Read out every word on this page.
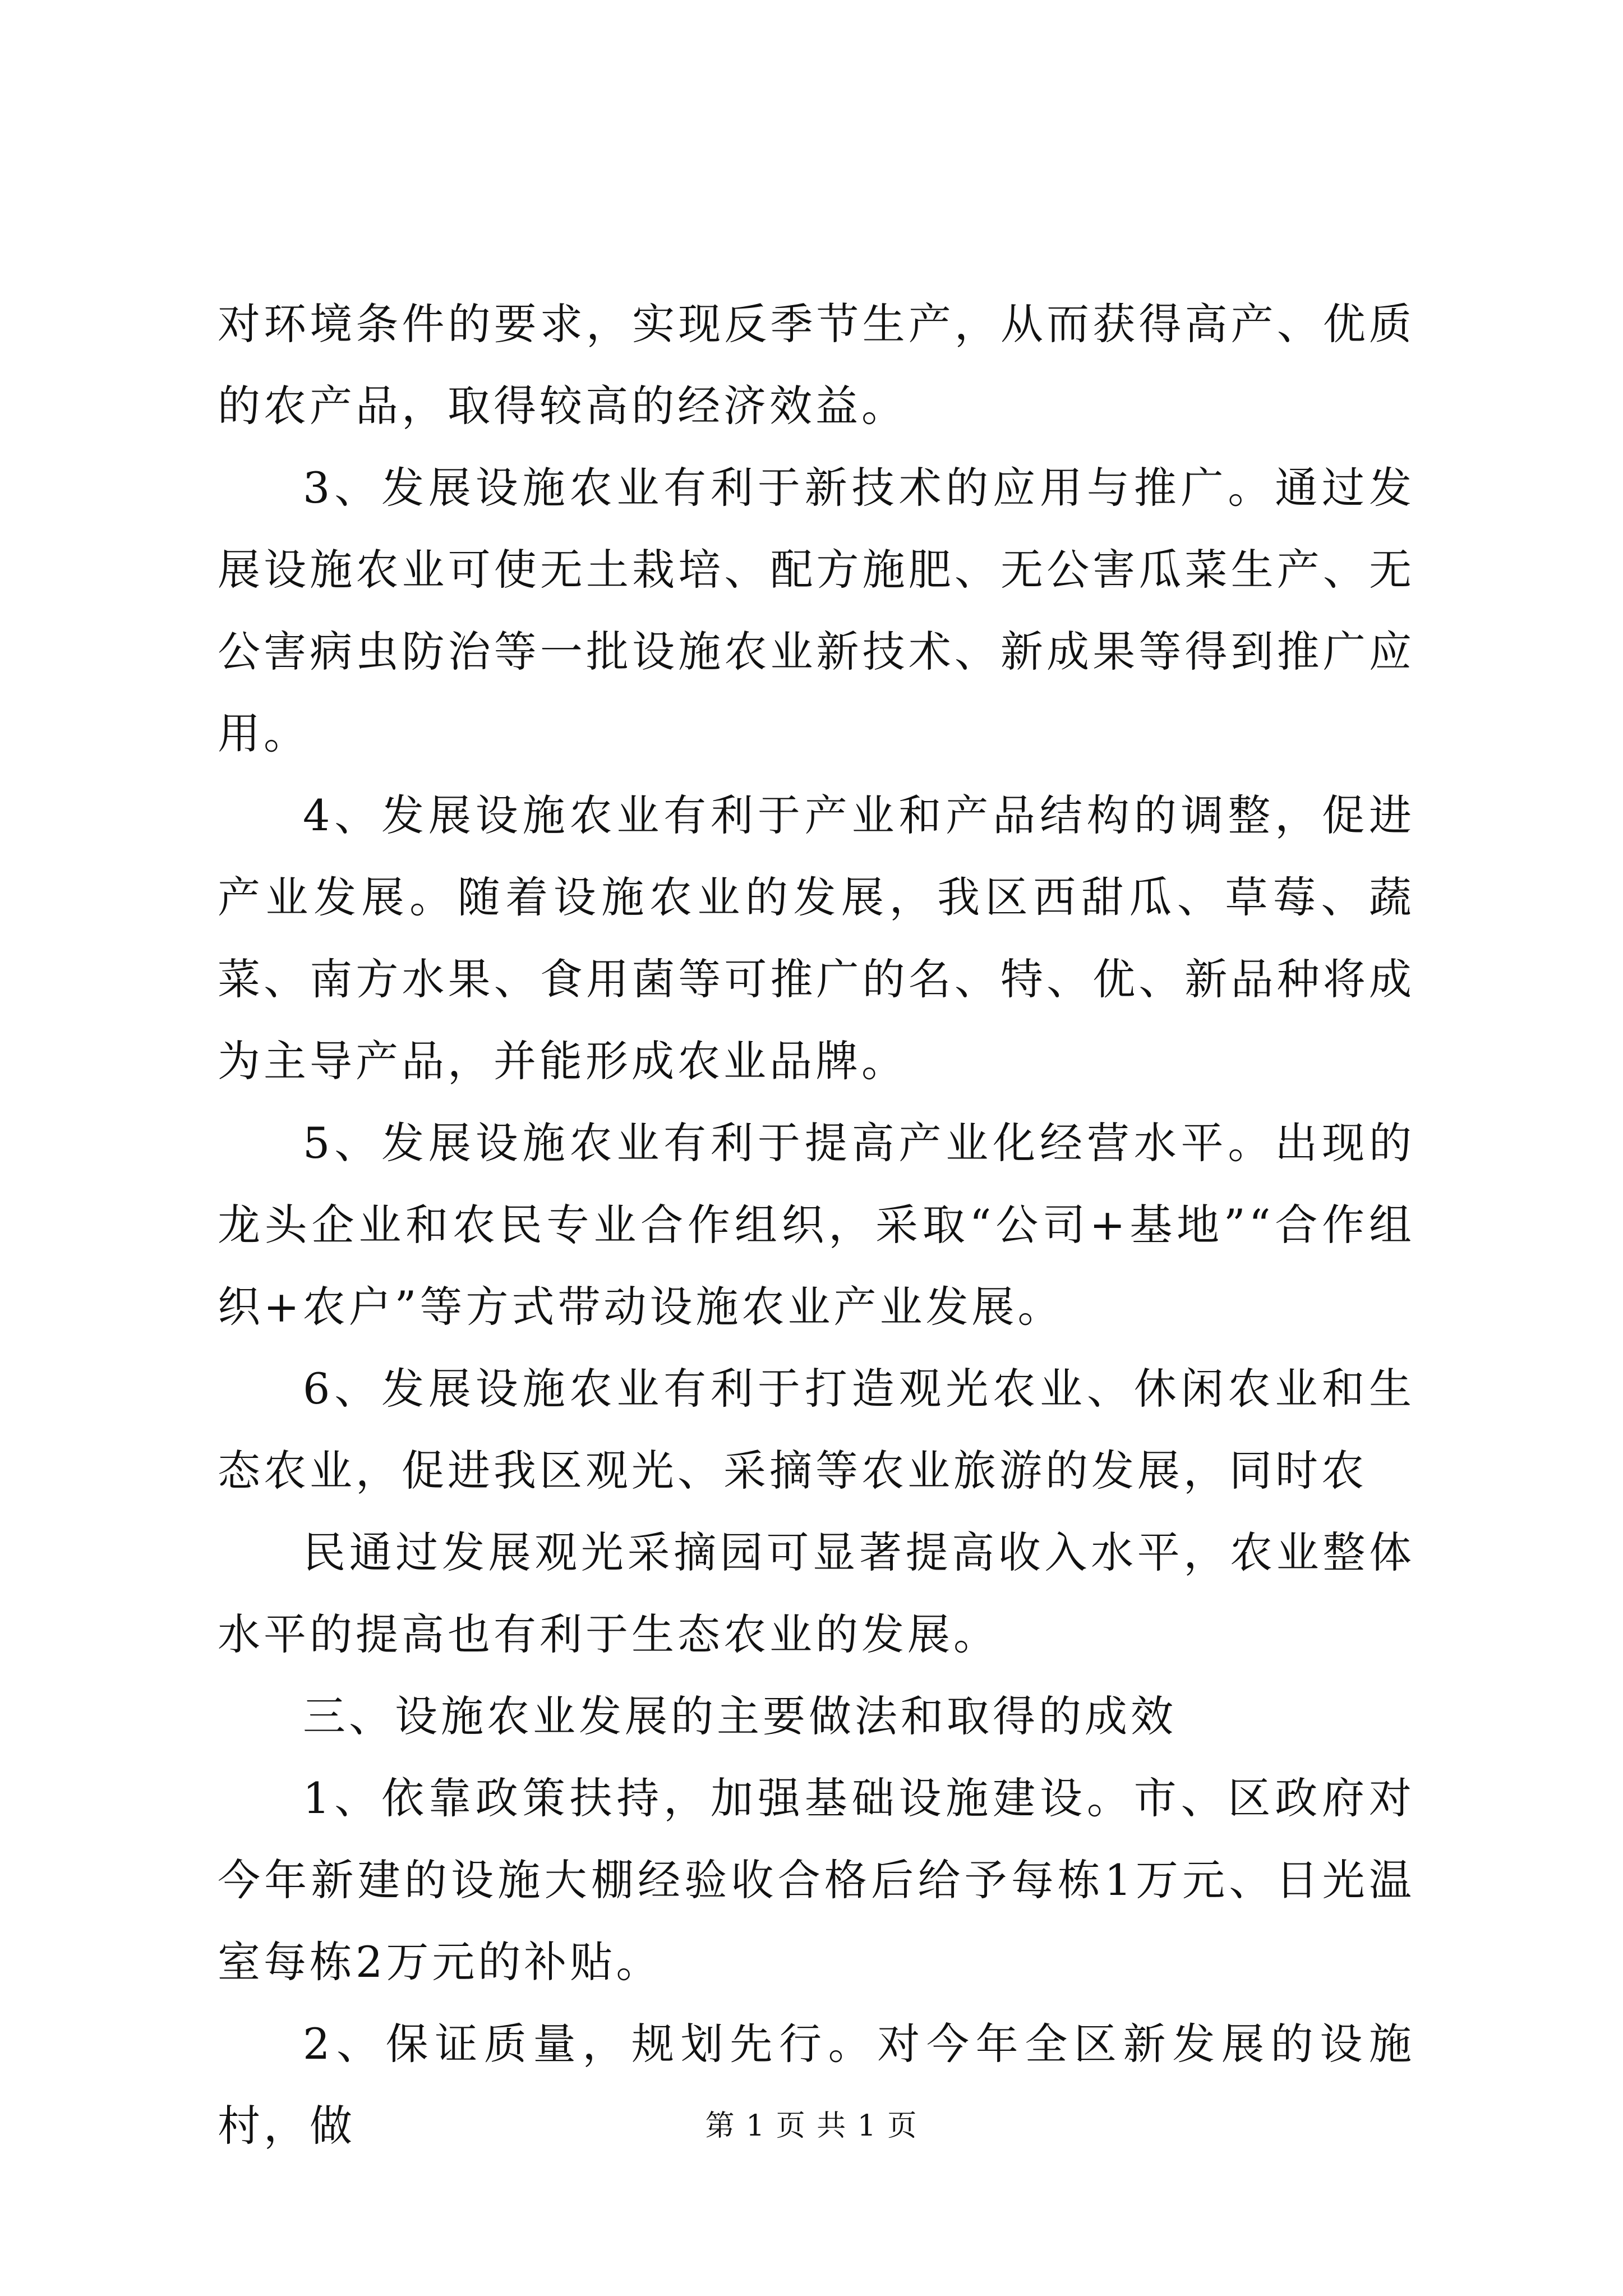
对环境条件的要求，实现反季节生产，从而获得高产、优质的农产品，取得较高的经济效益。

3、发展设施农业有利于新技术的应用与推广。通过发展设施农业可使无土栽培、配方施肥、无公害瓜菜生产、无公害病虫防治等一批设施农业新技术、新成果等得到推广应用。

4、发展设施农业有利于产业和产品结构的调整，促进产业发展。随着设施农业的发展，我区西甜瓜、草莓、蔬菜、南方水果、食用菌等可推广的名、特、优、新品种将成为主导产品，并能形成农业品牌。

5、发展设施农业有利于提高产业化经营水平。出现的龙头企业和农民专业合作组织，采取“公司+基地”“合作组织+农户”等方式带动设施农业产业发展。

6、发展设施农业有利于打造观光农业、休闲农业和生态农业，促进我区观光、采摘等农业旅游的发展，同时农

民通过发展观光采摘园可显著提高收入水平，农业整体水平的提高也有利于生态农业的发展。

三、设施农业发展的主要做法和取得的成效

1、依靠政策扶持，加强基础设施建设。市、区政府对今年新建的设施大棚经验收合格后给予每栋1万元、日光温室每栋2万元的补贴。

2、保证质量，规划先行。对今年全区新发展的设施村，做	第 1 页 共 1 页
